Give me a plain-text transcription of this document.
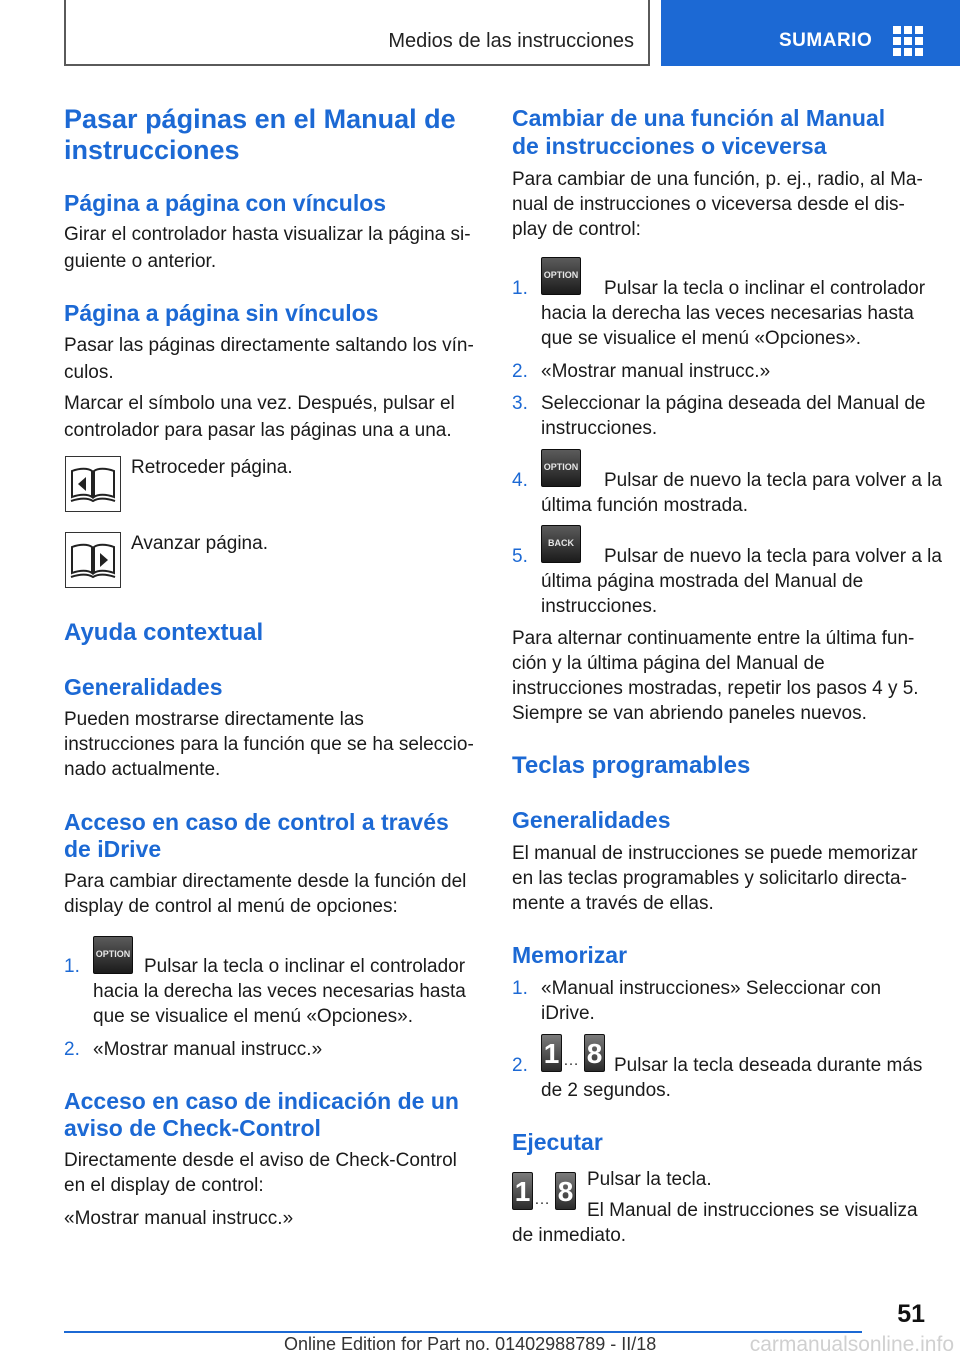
Medios de las instrucciones	SUMARIO
Pasar páginas en el Manual de
instrucciones
Página a página con vínculos
Girar el controlador hasta visualizar la página si‐
guiente o anterior.
Página a página sin vínculos
Pasar las páginas directamente saltando los vín‐
culos.
Marcar el símbolo una vez. Después, pulsar el
controlador para pasar las páginas una a una.
Retroceder página.
Avanzar página.
Ayuda contextual
Generalidades
Pueden mostrarse directamente las
instrucciones para la función que se ha seleccio‐
nado actualmente.
Acceso en caso de control a través
de iDrive
Para cambiar directamente desde la función del
display de control al menú de opciones:
1.
OPTION
Pulsar la tecla o inclinar el controlador
hacia la derecha las veces necesarias hasta
que se visualice el menú «Opciones».
2. «Mostrar manual instrucc.»
Acceso en caso de indicación de un
aviso de Check-Control
Directamente desde el aviso de Check-Control
en el display de control:
«Mostrar manual instrucc.»
Cambiar de una función al Manual
de instrucciones o viceversa
Para cambiar de una función, p. ej., radio, al Ma‐
nual de instrucciones o viceversa desde el dis‐
play de control:
1.
OPTION
Pulsar la tecla o inclinar el controlador
hacia la derecha las veces necesarias hasta
que se visualice el menú «Opciones».
2. «Mostrar manual instrucc.»
3. Seleccionar la página deseada del Manual de
instrucciones.
4.
OPTION
Pulsar de nuevo la tecla para volver a la
última función mostrada.
5.
BACK
Pulsar de nuevo la tecla para volver a la
última página mostrada del Manual de
instrucciones.
Para alternar continuamente entre la última fun‐
ción y la última página del Manual de
instrucciones mostradas, repetir los pasos 4 y 5.
Siempre se van abriendo paneles nuevos.
Teclas programables
Generalidades
El manual de instrucciones se puede memorizar
en las teclas programables y solicitarlo directa‐
mente a través de ellas.
Memorizar
1. «Manual instrucciones» Seleccionar con
iDrive.
2. 1 … 8 Pulsar la tecla deseada durante más
de 2 segundos.
Ejecutar
1 … 8 Pulsar la tecla.
El Manual de instrucciones se visualiza
de inmediato.
51
Online Edition for Part no. 01402988789 - II/18	carmanualsonline.info
